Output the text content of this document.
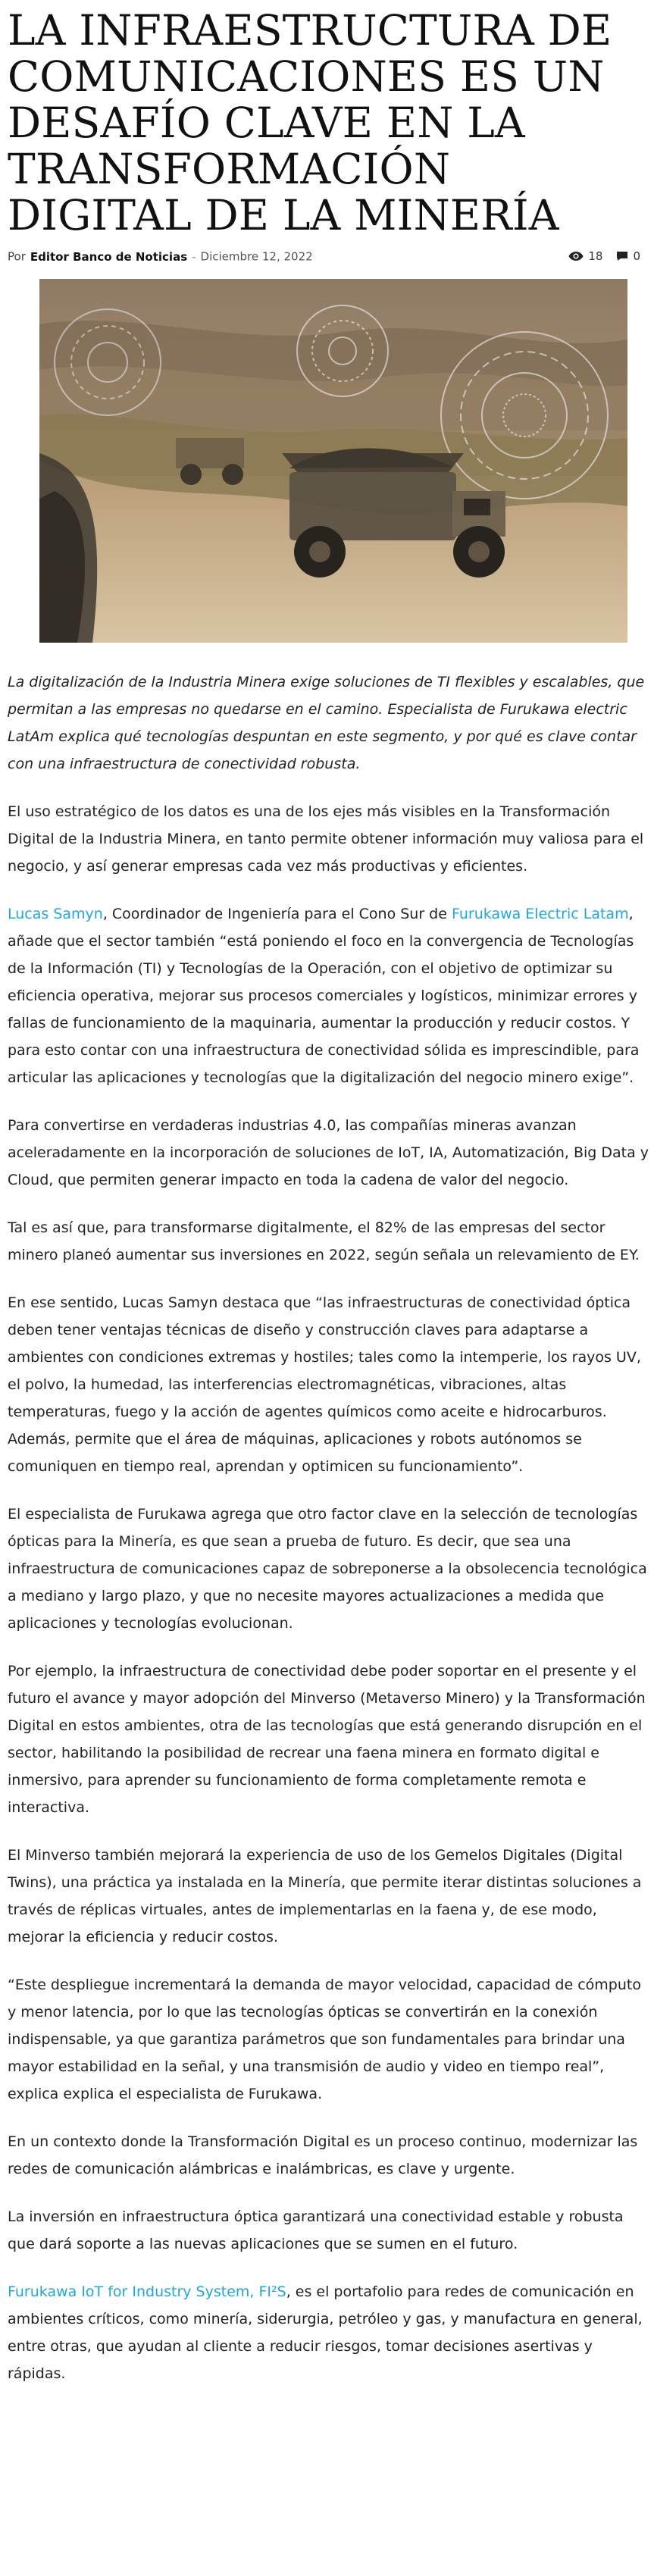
LA INFRAESTRUCTURA DE COMUNICACIONES ES UN DESAFÍO CLAVE EN LA TRANSFORMACIÓN DIGITAL DE LA MINERÍA
Por Editor Banco de Noticias - Diciembre 12, 2022	18	0

La digitalización de la Industria Minera exige soluciones de TI flexibles y escalables, que permitan a las empresas no quedarse en el camino. Especialista de Furukawa electric LatAm explica qué tecnologías despuntan en este segmento, y por qué es clave contar con una infraestructura de conectividad robusta.

El uso estratégico de los datos es una de los ejes más visibles en la Transformación Digital de la Industria Minera, en tanto permite obtener información muy valiosa para el negocio, y así generar empresas cada vez más productivas y eficientes.

Lucas Samyn, Coordinador de Ingeniería para el Cono Sur de Furukawa Electric Latam, añade que el sector también “está poniendo el foco en la convergencia de Tecnologías de la Información (TI) y Tecnologías de la Operación, con el objetivo de optimizar su eficiencia operativa, mejorar sus procesos comerciales y logísticos, minimizar errores y fallas de funcionamiento de la maquinaria, aumentar la producción y reducir costos. Y para esto contar con una infraestructura de conectividad sólida es imprescindible, para articular las aplicaciones y tecnologías que la digitalización del negocio minero exige”.

Para convertirse en verdaderas industrias 4.0, las compañías mineras avanzan aceleradamente en la incorporación de soluciones de IoT, IA, Automatización, Big Data y Cloud, que permiten generar impacto en toda la cadena de valor del negocio.

Tal es así que, para transformarse digitalmente, el 82% de las empresas del sector minero planeó aumentar sus inversiones en 2022, según señala un relevamiento de EY.

En ese sentido, Lucas Samyn destaca que “las infraestructuras de conectividad óptica deben tener ventajas técnicas de diseño y construcción claves para adaptarse a ambientes con condiciones extremas y hostiles; tales como la intemperie, los rayos UV, el polvo, la humedad, las interferencias electromagnéticas, vibraciones, altas temperaturas, fuego y la acción de agentes químicos como aceite e hidrocarburos. Además, permite que el área de máquinas, aplicaciones y robots autónomos se comuniquen en tiempo real, aprendan y optimicen su funcionamiento”.

El especialista de Furukawa agrega que otro factor clave en la selección de tecnologías ópticas para la Minería, es que sean a prueba de futuro. Es decir, que sea una infraestructura de comunicaciones capaz de sobreponerse a la obsolecencia tecnológica a mediano y largo plazo, y que no necesite mayores actualizaciones a medida que aplicaciones y tecnologías evolucionan.

Por ejemplo, la infraestructura de conectividad debe poder soportar en el presente y el futuro el avance y mayor adopción del Minverso (Metaverso Minero) y la Transformación Digital en estos ambientes, otra de las tecnologías que está generando disrupción en el sector, habilitando la posibilidad de recrear una faena minera en formato digital e inmersivo, para aprender su funcionamiento de forma completamente remota e interactiva.

El Minverso también mejorará la experiencia de uso de los Gemelos Digitales (Digital Twins), una práctica ya instalada en la Minería, que permite iterar distintas soluciones a través de réplicas virtuales, antes de implementarlas en la faena y, de ese modo, mejorar la eficiencia y reducir costos.

“Este despliegue incrementará la demanda de mayor velocidad, capacidad de cómputo y menor latencia, por lo que las tecnologías ópticas se convertirán en la conexión indispensable, ya que garantiza parámetros que son fundamentales para brindar una mayor estabilidad en la señal, y una transmisión de audio y video en tiempo real”, explica explica el especialista de Furukawa.

En un contexto donde la Transformación Digital es un proceso continuo, modernizar las redes de comunicación alámbricas e inalámbricas, es clave y urgente.

La inversión en infraestructura óptica garantizará una conectividad estable y robusta que dará soporte a las nuevas aplicaciones que se sumen en el futuro.

Furukawa IoT for Industry System, FI²S, es el portafolio para redes de comunicación en ambientes críticos, como minería, siderurgia, petróleo y gas, y manufactura en general, entre otras, que ayudan al cliente a reducir riesgos, tomar decisiones asertivas y rápidas.
